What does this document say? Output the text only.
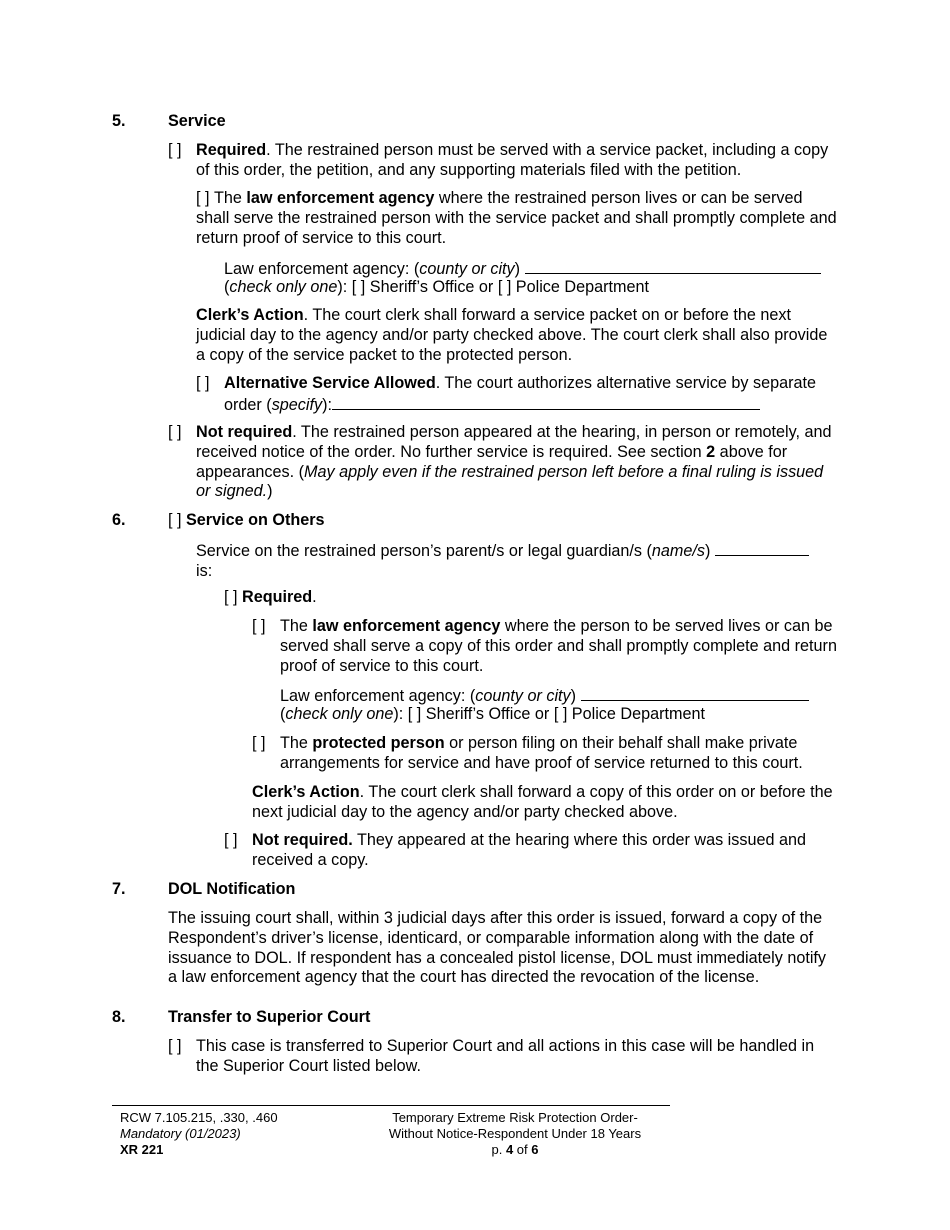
5.	Service
[ ] Required. The restrained person must be served with a service packet, including a copy of this order, the petition, and any supporting materials filed with the petition.
[ ] The law enforcement agency where the restrained person lives or can be served shall serve the restrained person with the service packet and shall promptly complete and return proof of service to this court.
Law enforcement agency: (county or city)
(check only one): [ ] Sheriff’s Office or [ ] Police Department
Clerk’s Action. The court clerk shall forward a service packet on or before the next judicial day to the agency and/or party checked above. The court clerk shall also provide a copy of the service packet to the protected person.
[ ] Alternative Service Allowed. The court authorizes alternative service by separate order (specify):
[ ] Not required. The restrained person appeared at the hearing, in person or remotely, and received notice of the order. No further service is required. See section 2 above for appearances. (May apply even if the restrained person left before a final ruling is issued or signed.)
6.	[ ] Service on Others
Service on the restrained person’s parent/s or legal guardian/s (name/s)
is:
[ ] Required.
[ ] The law enforcement agency where the person to be served lives or can be served shall serve a copy of this order and shall promptly complete and return proof of service to this court.
Law enforcement agency: (county or city)
(check only one): [ ] Sheriff’s Office or [ ] Police Department
[ ] The protected person or person filing on their behalf shall make private arrangements for service and have proof of service returned to this court.
Clerk’s Action. The court clerk shall forward a copy of this order on or before the next judicial day to the agency and/or party checked above.
[ ] Not required. They appeared at the hearing where this order was issued and received a copy.
7.	DOL Notification
The issuing court shall, within 3 judicial days after this order is issued, forward a copy of the Respondent’s driver’s license, identicard, or comparable information along with the date of issuance to DOL. If respondent has a concealed pistol license, DOL must immediately notify a law enforcement agency that the court has directed the revocation of the license.
8.	Transfer to Superior Court
[ ] This case is transferred to Superior Court and all actions in this case will be handled in the Superior Court listed below.
RCW 7.105.215, .330, .460
Mandatory (01/2023)
XR 221
Temporary Extreme Risk Protection Order-
Without Notice-Respondent Under 18 Years
p. 4 of 6
